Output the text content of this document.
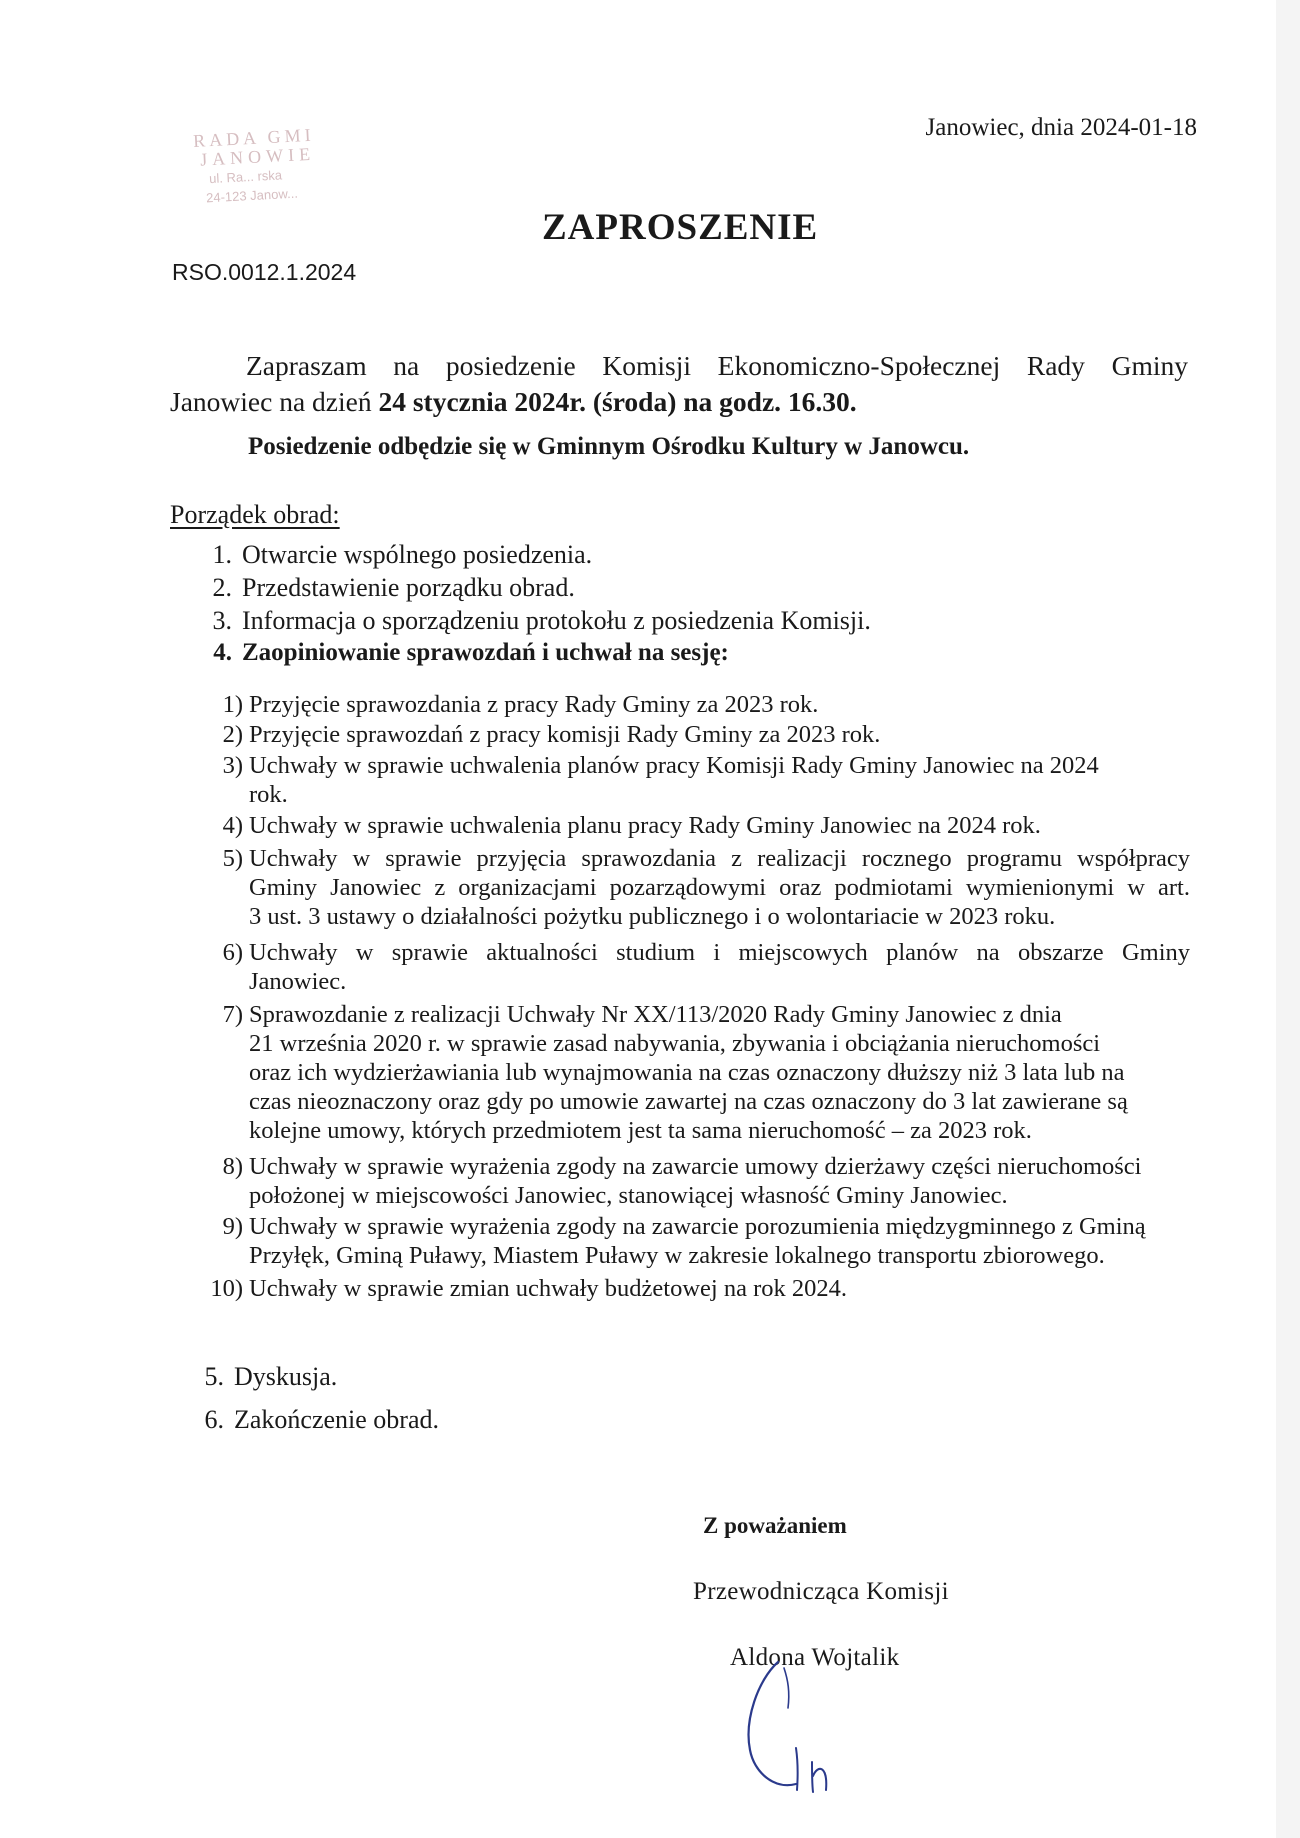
RADA GMI
JANOWIE
ul. Ra... rska
24-123 Janow...

Janowiec, dnia 2024-01-18

ZAPROSZENIE

RSO.0012.1.2024

Zapraszam na posiedzenie Komisji Ekonomiczno-Społecznej Rady Gminy
Janowiec na dzień 24 stycznia 2024r. (środa) na godz. 16.30.

Posiedzenie odbędzie się w Gminnym Ośrodku Kultury w Janowcu.

Porządek obrad:

1. Otwarcie wspólnego posiedzenia.
2. Przedstawienie porządku obrad.
3. Informacja o sporządzeniu protokołu z posiedzenia Komisji.
4. Zaopiniowanie sprawozdań i uchwał na sesję:
1) Przyjęcie sprawozdania z pracy Rady Gminy za 2023 rok.
2) Przyjęcie sprawozdań z pracy komisji Rady Gminy za 2023 rok.
3) Uchwały w sprawie uchwalenia planów pracy Komisji Rady Gminy Janowiec na 2024
rok.
4) Uchwały w sprawie uchwalenia planu pracy Rady Gminy Janowiec na 2024 rok.
5) Uchwały w sprawie przyjęcia sprawozdania z realizacji rocznego programu współpracy
Gminy Janowiec z organizacjami pozarządowymi oraz podmiotami wymienionymi w art.
3 ust. 3 ustawy o działalności pożytku publicznego i o wolontariacie w 2023 roku.
6) Uchwały w sprawie aktualności studium i miejscowych planów na obszarze Gminy
Janowiec.
7) Sprawozdanie z realizacji Uchwały Nr XX/113/2020 Rady Gminy Janowiec z dnia
21 września 2020 r. w sprawie zasad nabywania, zbywania i obciążania nieruchomości
oraz ich wydzierżawiania lub wynajmowania na czas oznaczony dłuższy niż 3 lata lub na
czas nieoznaczony oraz gdy po umowie zawartej na czas oznaczony do 3 lat zawierane są
kolejne umowy, których przedmiotem jest ta sama nieruchomość – za 2023 rok.
8) Uchwały w sprawie wyrażenia zgody na zawarcie umowy dzierżawy części nieruchomości
położonej w miejscowości Janowiec, stanowiącej własność Gminy Janowiec.
9) Uchwały w sprawie wyrażenia zgody na zawarcie porozumienia międzygminnego z Gminą
Przyłęk, Gminą Puławy, Miastem Puławy w zakresie lokalnego transportu zbiorowego.
10) Uchwały w sprawie zmian uchwały budżetowej na rok 2024.
5. Dyskusja.
6. Zakończenie obrad.

Z poważaniem

Przewodnicząca Komisji

Aldona Wojtalik
